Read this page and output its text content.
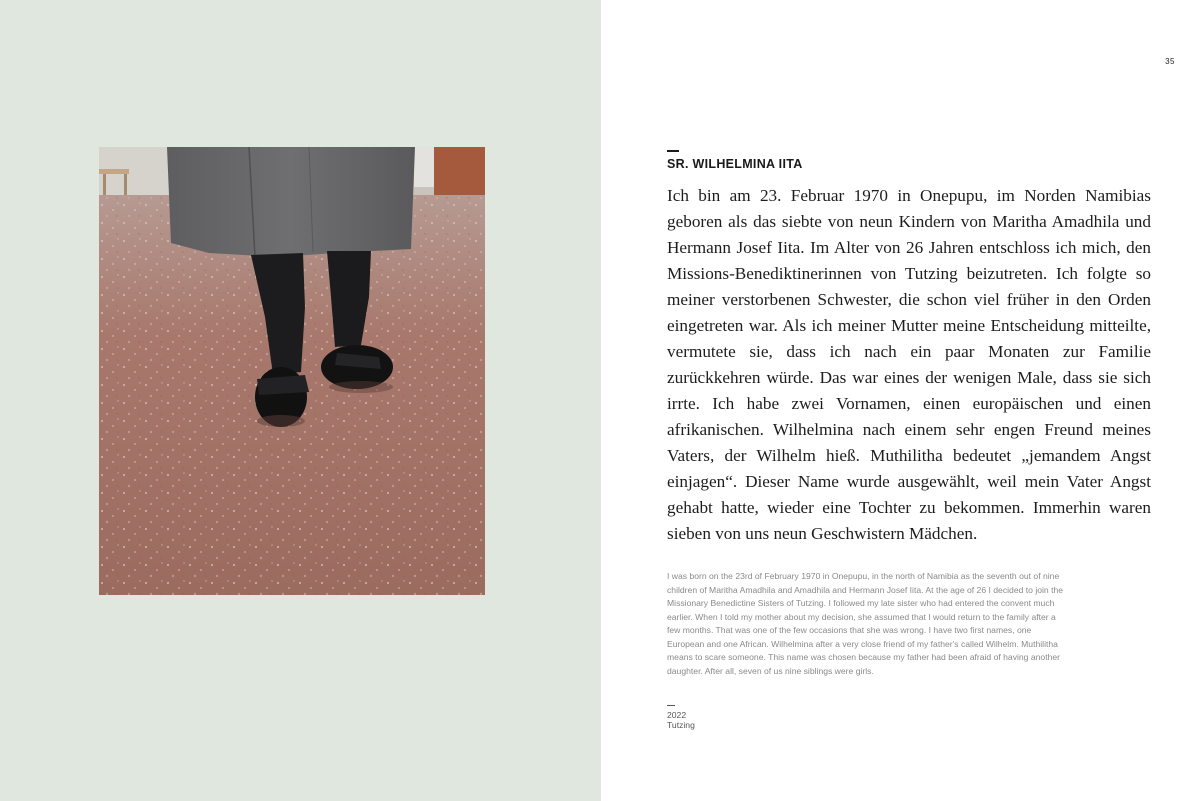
35
SR. WILHELMINA IITA
Ich bin am 23. Februar 1970 in Onepupu, im Norden Namibias geboren als das siebte von neun Kindern von Maritha Amadhila und Hermann Josef Iita. Im Alter von 26 Jahren entschloss ich mich, den Missions-Benediktinerinnen von Tutzing beizutreten. Ich folgte so meiner verstorbenen Schwester, die schon viel früher in den Orden eingetreten war. Als ich meiner Mutter meine Entscheidung mitteilte, vermutete sie, dass ich nach ein paar Monaten zur Familie zurückkehren würde. Das war eines der wenigen Male, dass sie sich irrte. Ich habe zwei Vornamen, einen europäischen und einen afrikanischen. Wilhelmina nach einem sehr engen Freund meines Vaters, der Wilhelm hieß. Muthilitha bedeutet „jemandem Angst einjagen“. Dieser Name wurde ausgewählt, weil mein Vater Angst gehabt hatte, wieder eine Tochter zu bekommen. Immerhin waren sieben von uns neun Geschwistern Mädchen.
I was born on the 23rd of February 1970 in Onepupu, in the north of Namibia as the seventh out of nine children of Maritha Amadhila and Amadhila and Hermann Josef Iita. At the age of 26 I decided to join the Missionary Benedictine Sisters of Tutzing. I followed my late sister who had entered the convent much earlier. When I told my mother about my decision, she assumed that I would return to the family after a few months. That was one of the few occasions that she was wrong. I have two first names, one European and one African. Wilhelmina after a very close friend of my father's called Wilhelm. Muthilitha means to scare someone. This name was chosen because my father had been afraid of having another daughter. After all, seven of us nine siblings were girls.
2022
Tutzing
